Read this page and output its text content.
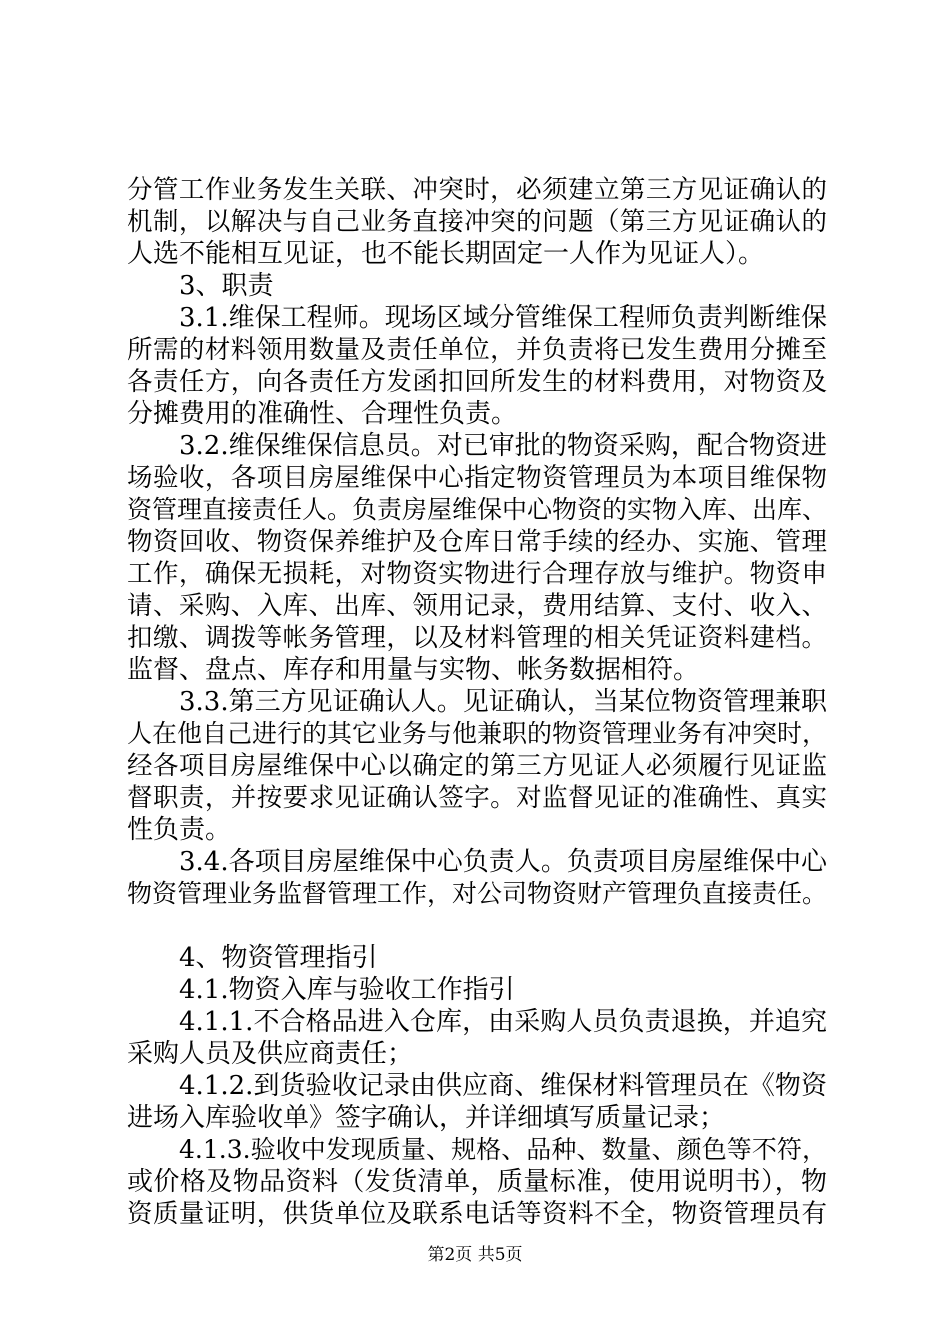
分管工作业务发生关联、冲突时，必须建立第三方见证确认的
机制，以解决与自己业务直接冲突的问题（第三方见证确认的
人选不能相互见证，也不能长期固定一人作为见证人）。
3、职责
3.1.维保工程师。现场区域分管维保工程师负责判断维保
所需的材料领用数量及责任单位，并负责将已发生费用分摊至
各责任方，向各责任方发函扣回所发生的材料费用，对物资及
分摊费用的准确性、合理性负责。
3.2.维保维保信息员。对已审批的物资采购，配合物资进
场验收，各项目房屋维保中心指定物资管理员为本项目维保物
资管理直接责任人。负责房屋维保中心物资的实物入库、出库、
物资回收、物资保养维护及仓库日常手续的经办、实施、管理
工作，确保无损耗，对物资实物进行合理存放与维护。物资申
请、采购、入库、出库、领用记录，费用结算、支付、收入、
扣缴、调拨等帐务管理，以及材料管理的相关凭证资料建档。
监督、盘点、库存和用量与实物、帐务数据相符。
3.3.第三方见证确认人。见证确认，当某位物资管理兼职
人在他自己进行的其它业务与他兼职的物资管理业务有冲突时，
经各项目房屋维保中心以确定的第三方见证人必须履行见证监
督职责，并按要求见证确认签字。对监督见证的准确性、真实
性负责。
3.4.各项目房屋维保中心负责人。负责项目房屋维保中心
物资管理业务监督管理工作，对公司物资财产管理负直接责任。
4、物资管理指引
4.1.物资入库与验收工作指引
4.1.1.不合格品进入仓库，由采购人员负责退换，并追究
采购人员及供应商责任；
4.1.2.到货验收记录由供应商、维保材料管理员在《物资
进场入库验收单》签字确认，并详细填写质量记录；
4.1.3.验收中发现质量、规格、品种、数量、颜色等不符，
或价格及物品资料（发货清单，质量标准，使用说明书），物
资质量证明，供货单位及联系电话等资料不全，物资管理员有
第2页 共5页
